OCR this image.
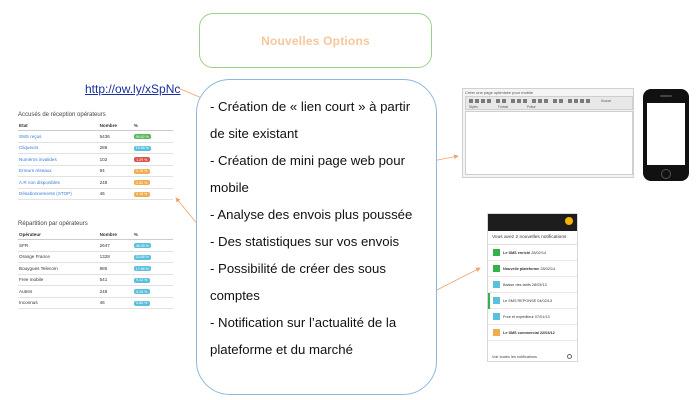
Nouvelles Options
http://ow.ly/xSpNc
- Création de « lien court » à partir
de site existant
- Création de mini page web pour
mobile
- Analyse des envois plus poussée
- Des statistiques sur vos envois
- Possibilité de créer des sous
comptes
- Notification sur l’actualité de la
plateforme et du marché
Accusés de réception opérateurs
Etat	Nombre	%
SMS reçus	5436	94.62 %
Cliqueurs	286	15.98 %
Numéros invalides	102	1.29 %
Erreurs réseaux	94	0.76 %
A.R non disponibles	248	2.32 %
Désabonnements (STOP)	46	0.16 %
Répartition par opérateurs
Opérateur	Nombre	%
SFR	2647	48.25 %
Orange France	1328	23.68 %
Bouygues Telecom	985	17.96 %
Free mobile	541	9.12 %
Autres	248	5.24 %
Inconnus	46	0.85 %
Créer une page optimisée pour mobile
Source
Styles	Format	Police
Vous avez 2 nouvelles notifications
Le SMS enrichi 28/02/14
Nouvelle plateforme 28/02/14
Baisse des tarifs 28/03/13
Le SMS REPONSE 04/02/13
Free et expéditeur 07/01/13
Le SMS commercial 22/03/12
Voir toutes les notifications
